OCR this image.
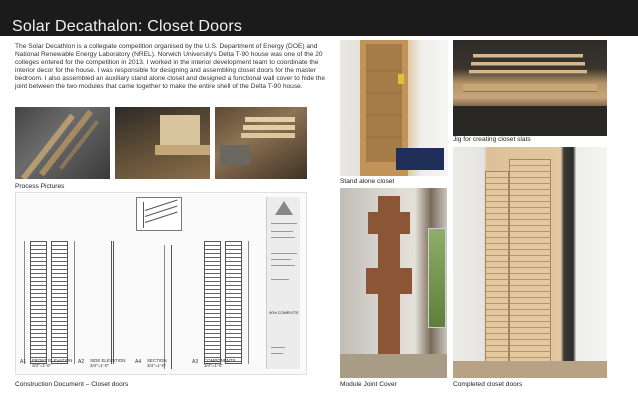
Solar Decathalon: Closet Doors
The Solar Decathlon is a collegiate competition organised by the U.S. Department of Energy (DOE) and National Renewable Energy Laboratory (NREL). Norwich University's Delta T-90 house was one of the 20 colleges entered for the competition in 2013. I worked in the interior development team to coordinate the interior decor for the house. I was responsible for designing and assembling closet doors for the master bedroom. I also assembled an auxiliary stand alone closet and designed a functional wall cover to hide the joint between the two modules that came together to make the entire shell of the Delta T-90 house.
Process Pictures
A1 FRONT ELEVATION
3/4"=1'-0"
A2 SIDE ELEVATION
3/4"=1'-0"
A4 SECTION
3/4"=1'-0"
A3 COMPONENTS
3/4"=1'-0"
90% COMPLETE
Construction Document – Closet doors
Stand alone closet
Jig for creating closet slats
Module Joint Cover	Completed closet doors
